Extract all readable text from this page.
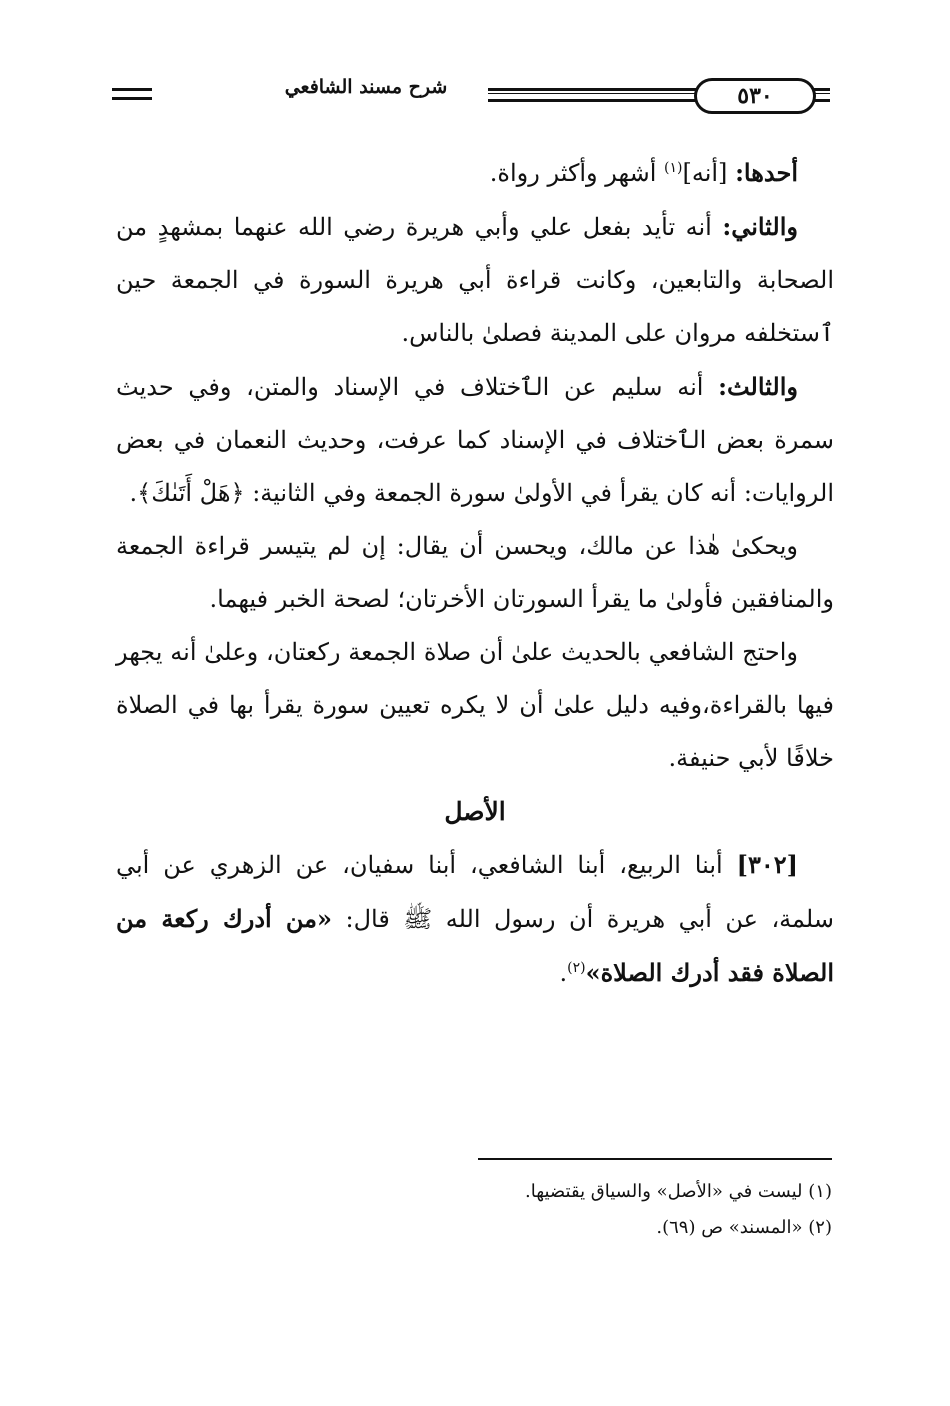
شرح مسند الشافعي	٥٣٠

أحدها: [أنه]$^{(١)}$ أشهر وأكثر رواة.

والثاني: أنه تأيد بفعل علي وأبي هريرة رضي الله عنهما بمشهدٍ من الصحابة والتابعين، وكانت قراءة أبي هريرة السورة في الجمعة حين ٱستخلفه مروان على المدينة فصلىٰ بالناس.

والثالث: أنه سليم عن الٱختلاف في الإسناد والمتن، وفي حديث سمرة بعض الٱختلاف في الإسناد كما عرفت، وحديث النعمان في بعض الروايات: أنه كان يقرأ في الأولىٰ سورة الجمعة وفي الثانية: ﴿هَلْ أَتَىٰكَ﴾.

ويحكىٰ هٰذا عن مالك، ويحسن أن يقال: إن لم يتيسر قراءة الجمعة والمنافقين فأولىٰ ما يقرأ السورتان الأخرتان؛ لصحة الخبر فيهما.

واحتج الشافعي بالحديث علىٰ أن صلاة الجمعة ركعتان، وعلىٰ أنه يجهر فيها بالقراءة،وفيه دليل علىٰ أن لا يكره تعيين سورة يقرأ بها في الصلاة خلافًا لأبي حنيفة.

الأصل

[٣٠٢] أبنا الربيع، أبنا الشافعي، أبنا سفيان، عن الزهري عن أبي سلمة، عن أبي هريرة أن رسول الله ﷺ قال: «من أدرك ركعة من الصلاة فقد أدرك الصلاة»$^{(٢)}$.

(١) ليست في «الأصل» والسياق يقتضيها.

(٢) «المسند» ص (٦٩).
